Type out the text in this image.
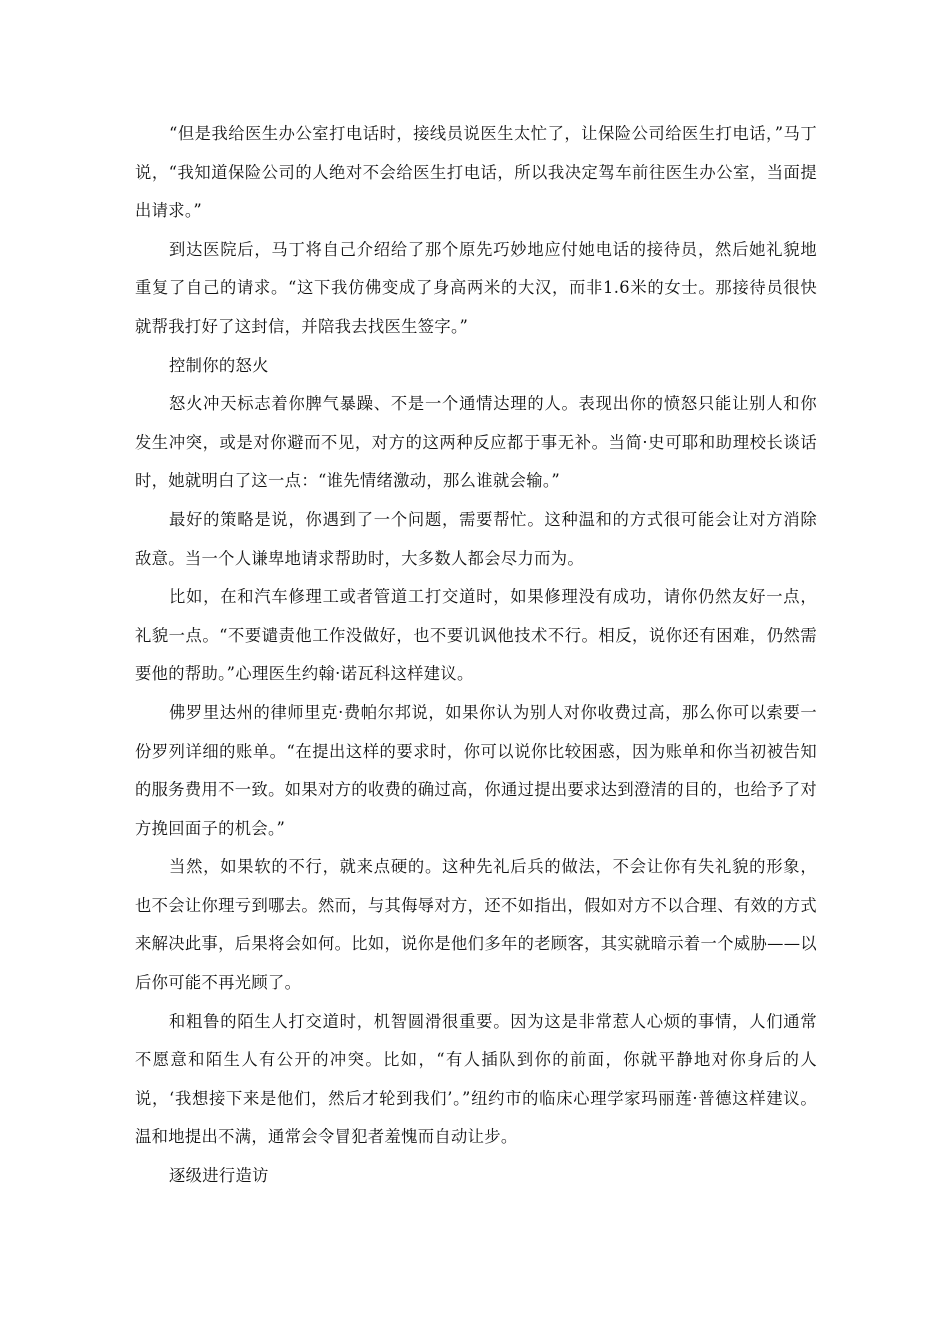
“但是我给医生办公室打电话时，接线员说医生太忙了，让保险公司给医生打电话，”马丁说，“我知道保险公司的人绝对不会给医生打电话，所以我决定驾车前往医生办公室，当面提出请求。”

到达医院后，马丁将自己介绍给了那个原先巧妙地应付她电话的接待员，然后她礼貌地重复了自己的请求。“这下我仿佛变成了身高两米的大汉，而非1.6米的女士。那接待员很快就帮我打好了这封信，并陪我去找医生签字。”

控制你的怒火

怒火冲天标志着你脾气暴躁、不是一个通情达理的人。表现出你的愤怒只能让别人和你发生冲突，或是对你避而不见，对方的这两种反应都于事无补。当简·史可耶和助理校长谈话时，她就明白了这一点：“谁先情绪激动，那么谁就会输。”

最好的策略是说，你遇到了一个问题，需要帮忙。这种温和的方式很可能会让对方消除敌意。当一个人谦卑地请求帮助时，大多数人都会尽力而为。

比如，在和汽车修理工或者管道工打交道时，如果修理没有成功，请你仍然友好一点，礼貌一点。“不要谴责他工作没做好，也不要讥讽他技术不行。相反，说你还有困难，仍然需要他的帮助。”心理医生约翰·诺瓦科这样建议。

佛罗里达州的律师里克·费帕尔邦说，如果你认为别人对你收费过高，那么你可以索要一份罗列详细的账单。“在提出这样的要求时，你可以说你比较困惑，因为账单和你当初被告知的服务费用不一致。如果对方的收费的确过高，你通过提出要求达到澄清的目的，也给予了对方挽回面子的机会。”

当然，如果软的不行，就来点硬的。这种先礼后兵的做法，不会让你有失礼貌的形象，也不会让你理亏到哪去。然而，与其侮辱对方，还不如指出，假如对方不以合理、有效的方式来解决此事，后果将会如何。比如，说你是他们多年的老顾客，其实就暗示着一个威胁——以后你可能不再光顾了。

和粗鲁的陌生人打交道时，机智圆滑很重要。因为这是非常惹人心烦的事情，人们通常不愿意和陌生人有公开的冲突。比如，“有人插队到你的前面，你就平静地对你身后的人说，‘我想接下来是他们，然后才轮到我们’。”纽约市的临床心理学家玛丽莲·普德这样建议。温和地提出不满，通常会令冒犯者羞愧而自动让步。

逐级进行造访
